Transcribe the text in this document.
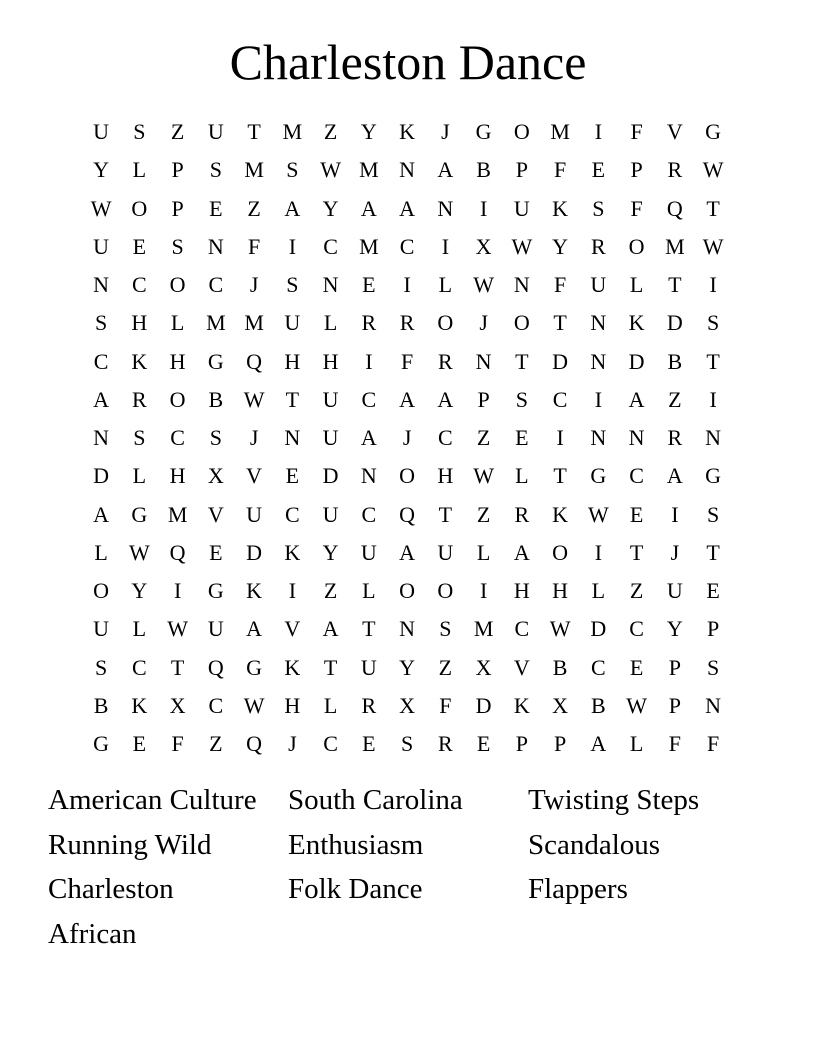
Charleston Dance
U	S	Z	U	T M Z	Y	K	J	G	O M	I	F	V	G
Y	L	P	S	M	S W M N	A	B	P	F	E	P	R W
W O	P	E	Z	A	Y	A	A	N	I	U	K	S	F	Q	T
U	E	S	N	F	I	C M C	I	X W Y	R	O M W
N	C	O	C	J	S	N	E	I	L W N	F	U	L	T	I
S	H	L M M U	L	R	R	O	J	O	T	N	K	D	S
C	K	H	G	Q	H	H	I	F	R	N	T	D	N	D	B	T
A	R	O	B W T	U	C	A	A	P	S	C	I	A	Z	I
N	S	C	S	J	N	U	A	J	C	Z	E	I	N	N	R	N
D	L	H	X	V	E	D	N	O	H W L	T	G	C	A	G
A	G M V	U	C	U	C	Q	T	Z	R	K W E	I	S
L W Q	E	D	K	Y	U	A	U	L	A	O	I	T	J	T
O	Y	I	G	K	I	Z	L	O	O	I	H	H	L	Z	U	E
U	L W U	A	V	A	T	N	S	M C W D	C	Y	P
S	C	T	Q	G	K	T	U	Y	Z	X	V	B	C	E	P	S
B	K	X	C W H	L	R	X	F	D	K	X	B W P	N
G	E	F	Z	Q	J	C	E	S	R	E	P	P	A	L	F	F
American Culture	South Carolina	Twisting Steps
Running Wild	Enthusiasm	Scandalous
Charleston	Folk Dance	Flappers
African
